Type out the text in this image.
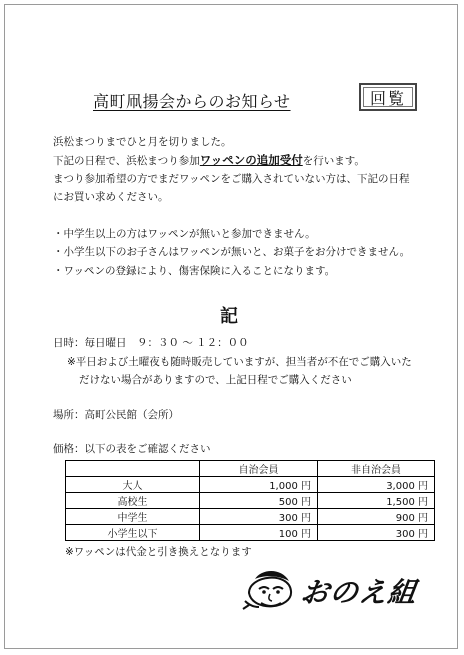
高町凧揚会からのお知らせ	回覧
浜松まつりまでひと月を切りました。
下記の日程で、浜松まつり参加ワッペンの追加受付を行います。
まつり参加希望の方でまだワッペンをご購入されていない方は、下記の日程
にお買い求めください。
・中学生以上の方はワッペンが無いと参加できません。
・小学生以下のお子さんはワッペンが無いと、お菓子をお分けできません。
・ワッペンの登録により、傷害保険に入ることになります。
記
日時：毎日曜日　９：３０ ～ １２：００
※平日および土曜夜も随時販売していますが、担当者が不在でご購入いた
だけない場合がありますので、上記日程でご購入ください
場所：高町公民館（会所）
価格：以下の表をご確認ください
	自治会員	非自治会員
大人	1,000 円	3,000 円
高校生	500 円	1,500 円
中学生	300 円	900 円
小学生以下	100 円	300 円
※ワッペンは代金と引き換えとなります
おのえ組
